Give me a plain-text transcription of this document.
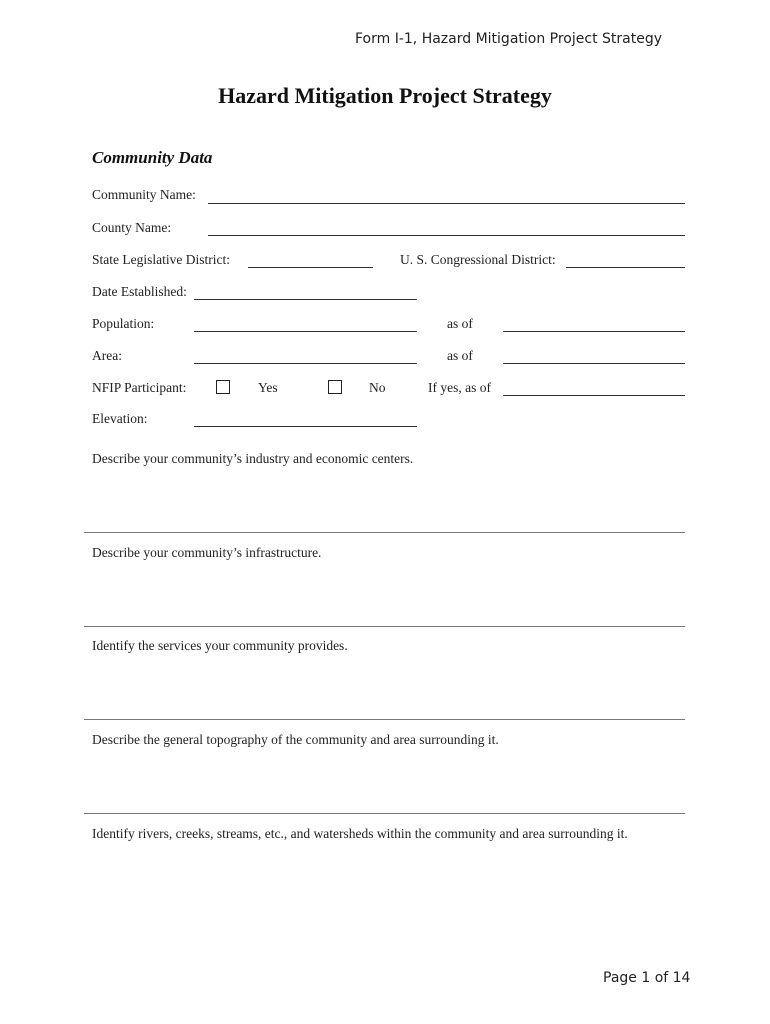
Form I-1, Hazard Mitigation Project Strategy
Hazard Mitigation Project Strategy
Community Data
Community Name:
County Name:
State Legislative District:	U. S. Congressional District:
Date Established:
Population:	as of
Area:	as of
NFIP Participant:	Yes	No	If yes, as of
Elevation:
Describe your community’s industry and economic centers.
Describe your community’s infrastructure.
Identify the services your community provides.
Describe the general topography of the community and area surrounding it.
Identify rivers, creeks, streams, etc., and watersheds within the community and area surrounding it.
Page 1 of 14
